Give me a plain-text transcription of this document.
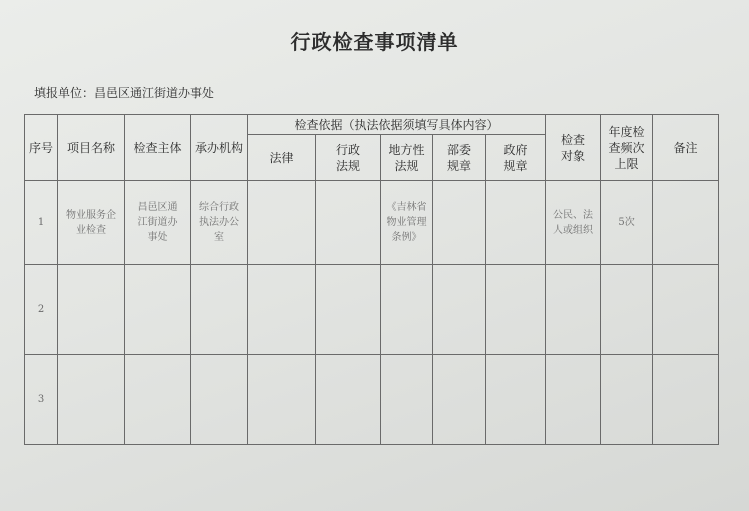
行政检查事项清单
填报单位：昌邑区通江街道办事处
序号	项目名称	检查主体	承办机构	检查依据（执法依据须填写具体内容）					检查对象	年度检查频次上限	备注
				法律	行政法规	地方性法规	部委规章	政府规章			

1	物业服务企业检查	昌邑区通江街道办事处	综合行政执法办公室			《吉林省物业管理条例》			公民、法人或组织	5次	
2											
3											
